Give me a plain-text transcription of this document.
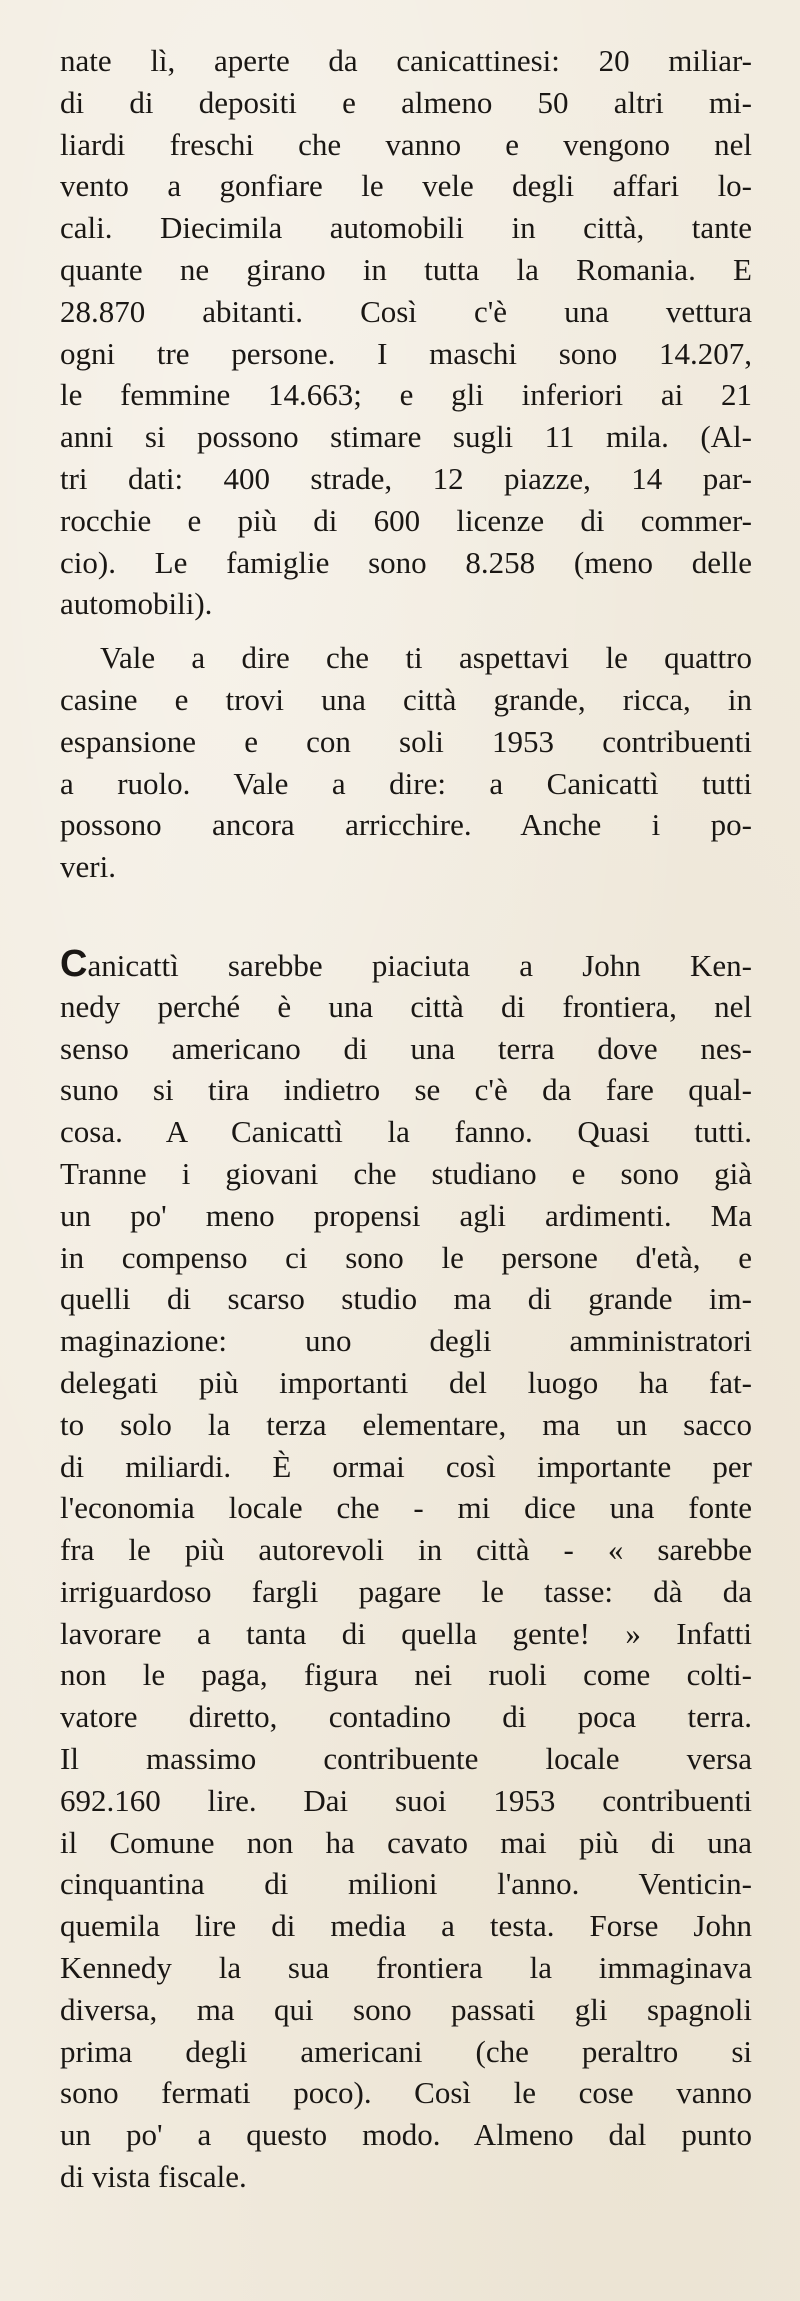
nate lì, aperte da canicattinesi: 20 miliar-
di di depositi e almeno 50 altri mi-
liardi freschi che vanno e vengono nel
vento a gonfiare le vele degli affari lo-
cali. Diecimila automobili in città, tante
quante ne girano in tutta la Romania. E
28.870 abitanti. Così c'è una vettura
ogni tre persone. I maschi sono 14.207,
le femmine 14.663; e gli inferiori ai 21
anni si possono stimare sugli 11 mila. (Al-
tri dati: 400 strade, 12 piazze, 14 par-
rocchie e più di 600 licenze di commer-
cio). Le famiglie sono 8.258 (meno delle
automobili).

Vale a dire che ti aspettavi le quattro
casine e trovi una città grande, ricca, in
espansione e con soli 1953 contribuenti
a ruolo. Vale a dire: a Canicattì tutti
possono ancora arricchire. Anche i po-
veri.

Canicattì sarebbe piaciuta a John Ken-
nedy perché è una città di frontiera, nel
senso americano di una terra dove nes-
suno si tira indietro se c'è da fare qual-
cosa. A Canicattì la fanno. Quasi tutti.
Tranne i giovani che studiano e sono già
un po' meno propensi agli ardimenti. Ma
in compenso ci sono le persone d'età, e
quelli di scarso studio ma di grande im-
maginazione: uno degli amministratori
delegati più importanti del luogo ha fat-
to solo la terza elementare, ma un sacco
di miliardi. È ormai così importante per
l'economia locale che - mi dice una fonte
fra le più autorevoli in città - « sarebbe
irriguardoso fargli pagare le tasse: dà da
lavorare a tanta di quella gente! » Infatti
non le paga, figura nei ruoli come colti-
vatore diretto, contadino di poca terra.
Il massimo contribuente locale versa
692.160 lire. Dai suoi 1953 contribuenti
il Comune non ha cavato mai più di una
cinquantina di milioni l'anno. Venticin-
quemila lire di media a testa. Forse John
Kennedy la sua frontiera la immaginava
diversa, ma qui sono passati gli spagnoli
prima degli americani (che peraltro si
sono fermati poco). Così le cose vanno
un po' a questo modo. Almeno dal punto
di vista fiscale.
